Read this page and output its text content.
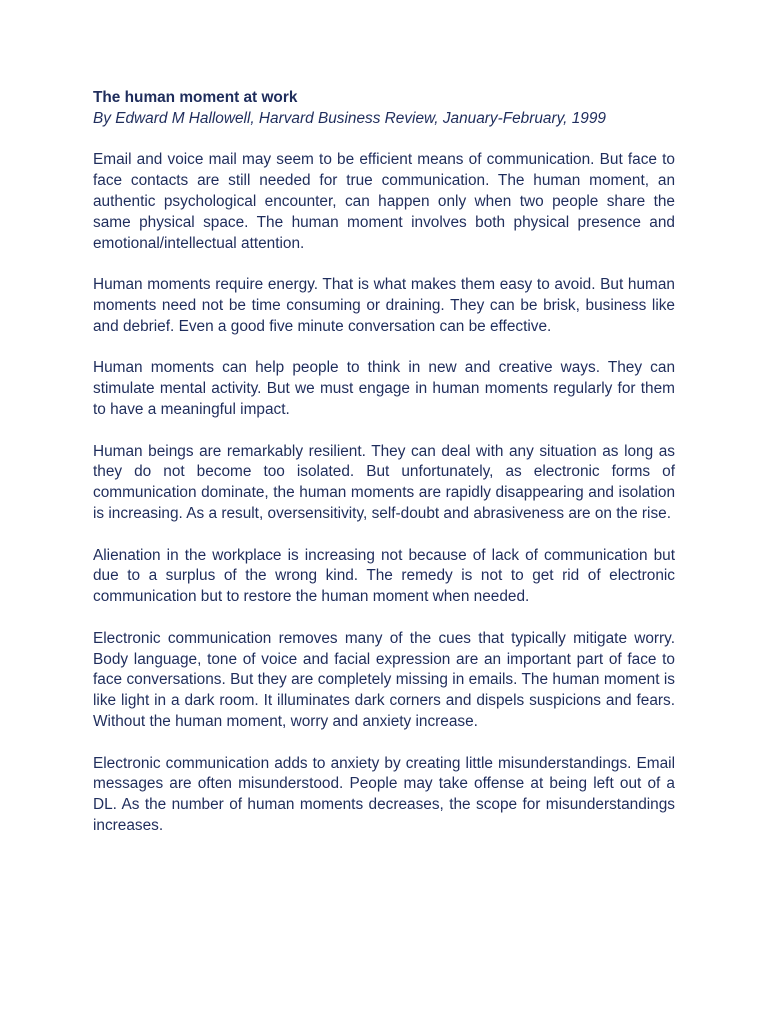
The human moment at work

By Edward M Hallowell, Harvard Business Review, January-February, 1999

Email and voice mail may seem to be efficient means of communication. But face to face contacts are still needed for true communication. The human moment, an authentic psychological encounter, can happen only when two people share the same physical space. The human moment involves both physical presence and emotional/intellectual attention.

Human moments require energy. That is what makes them easy to avoid. But human moments need not be time consuming or draining. They can be brisk, business like and debrief. Even a good five minute conversation can be effective.

Human moments can help people to think in new and creative ways. They can stimulate mental activity. But we must engage in human moments regularly for them to have a meaningful impact.

Human beings are remarkably resilient. They can deal with any situation as long as they do not become too isolated. But unfortunately, as electronic forms of communication dominate, the human moments are rapidly disappearing and isolation is increasing. As a result, oversensitivity, self-doubt and abrasiveness are on the rise.

Alienation in the workplace is increasing not because of lack of communication but due to a surplus of the wrong kind. The remedy is not to get rid of electronic communication but to restore the human moment when needed.

Electronic communication removes many of the cues that typically mitigate worry. Body language, tone of voice and facial expression are an important part of face to face conversations. But they are completely missing in emails. The human moment is like light in a dark room. It illuminates dark corners and dispels suspicions and fears. Without the human moment, worry and anxiety increase.

Electronic communication adds to anxiety by creating little misunderstandings. Email messages are often misunderstood. People may take offense at being left out of a DL. As the number of human moments decreases, the scope for misunderstandings increases.
